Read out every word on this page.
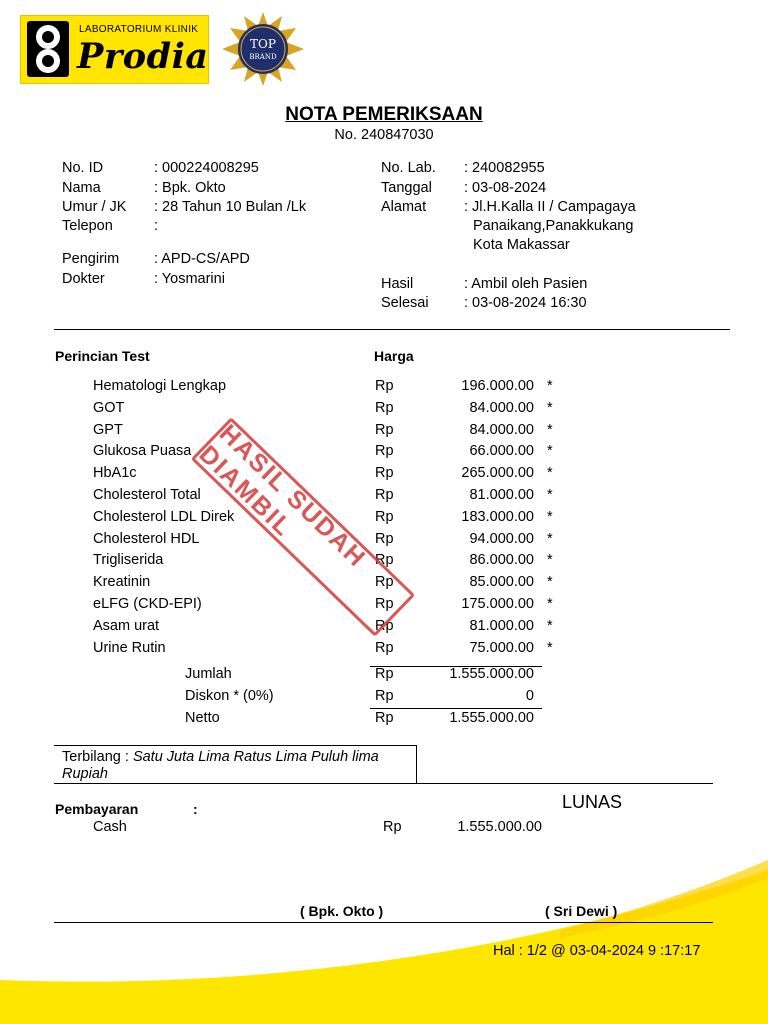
LABORATORIUM KLINIK
Prodia	TOP
BRAND
NOTA PEMERIKSAAN
No. 240847030
No. ID	: 000224008295
Nama	: Bpk. Okto
Umur / JK : 28 Tahun 10 Bulan /Lk
Telepon	:
Pengirim : APD-CS/APD
Dokter	: Yosmarini
No. Lab. : 240082955
Tanggal : 03-08-2024
Alamat	: Jl.H.Kalla II / Campagaya
Panaikang,Panakkukang
Kota Makassar
Hasil	: Ambil oleh Pasien
Selesai : 03-08-2024 16:30
Perincian Test	Harga
Hematologi Lengkap	Rp	196.000.00 *
GOT	Rp	84.000.00 *
GPT	Rp	84.000.00 *
Glukosa Puasa	Rp	66.000.00 *
HbA1c	Rp	265.000.00 *
Cholesterol Total	Rp	81.000.00 *
Cholesterol LDL Direk	Rp	183.000.00 *
Cholesterol HDL	Rp	94.000.00 *
Trigliserida	Rp	86.000.00 *
Kreatinin	Rp	85.000.00 *
eLFG (CKD-EPI)	Rp	175.000.00 *
Asam urat	Rp	81.000.00 *
Urine Rutin	Rp	75.000.00 *
Jumlah	Rp	1.555.000.00
Diskon * (0%)	Rp	0
Netto	Rp	1.555.000.00
Terbilang : Satu Juta Lima Ratus Lima Puluh lima
Rupiah
Pembayaran	:	LUNAS
Cash	Rp	1.555.000.00
( Bpk. Okto )	( Sri Dewi )
Hal : 1/2 @ 03-04-2024 9 :17:17
HASIL SUDAH DIAMBIL
